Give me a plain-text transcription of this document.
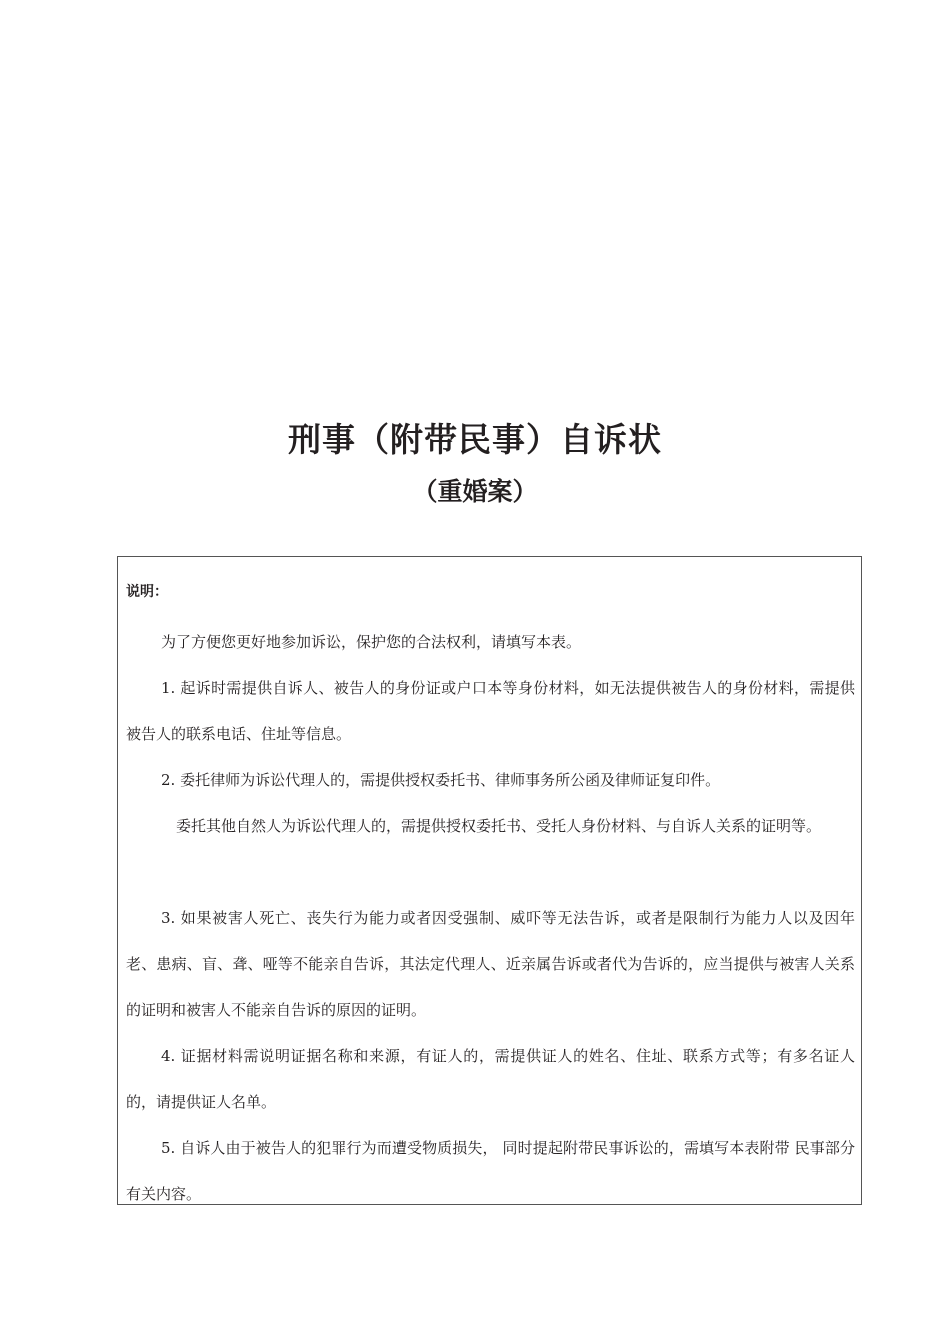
刑事（附带民事）自诉状
（重婚案）

说明：

为了方便您更好地参加诉讼，保护您的合法权利，请填写本表。

1. 起诉时需提供自诉人、被告人的身份证或户口本等身份材料，如无法提供被告人的身份材料，需提供被告人的联系电话、住址等信息。

2. 委托律师为诉讼代理人的，需提供授权委托书、律师事务所公函及律师证复印件。

委托其他自然人为诉讼代理人的，需提供授权委托书、受托人身份材料、与自诉人关系的证明等。

3. 如果被害人死亡、丧失行为能力或者因受强制、威吓等无法告诉，或者是限制行为能力人以及因年老、患病、盲、聋、哑等不能亲自告诉，其法定代理人、近亲属告诉或者代为告诉的，应当提供与被害人关系的证明和被害人不能亲自告诉的原因的证明。

4. 证据材料需说明证据名称和来源，有证人的，需提供证人的姓名、住址、联系方式等；有多名证人的，请提供证人名单。

5. 自诉人由于被告人的犯罪行为而遭受物质损失， 同时提起附带民事诉讼的，需填写本表附带 民事部分有关内容。
